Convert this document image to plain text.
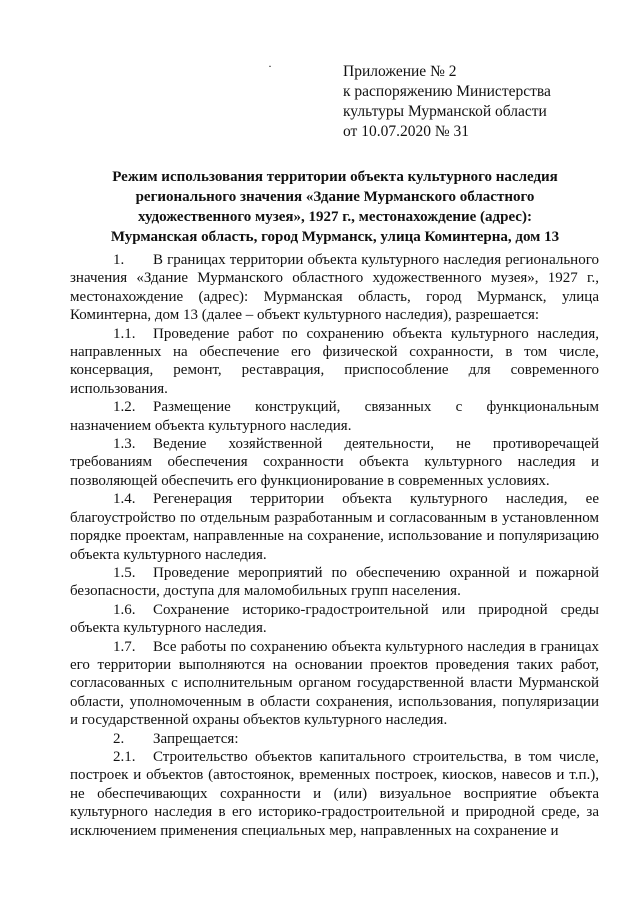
·	Приложение № 2
к распоряжению Министерства
культуры Мурманской области
от 10.07.2020 № 31
Режим использования территории объекта культурного наследия
регионального значения «Здание Мурманского областного
художественного музея», 1927 г., местонахождение (адрес):
Мурманская область, город Мурманск, улица Коминтерна, дом 13

1. В границах территории объекта культурного наследия регионального значения «Здание Мурманского областного художественного музея», 1927 г., местонахождение (адрес): Мурманская область, город Мурманск, улица Коминтерна, дом 13 (далее – объект культурного наследия), разрешается:

1.1. Проведение работ по сохранению объекта культурного наследия, направленных на обеспечение его физической сохранности, в том числе, консервация, ремонт, реставрация, приспособление для современного использования.

1.2. Размещение конструкций, связанных с функциональным назначением объекта культурного наследия.

1.3. Ведение хозяйственной деятельности, не противоречащей требованиям обеспечения сохранности объекта культурного наследия и позволяющей обеспечить его функционирование в современных условиях.

1.4. Регенерация территории объекта культурного наследия, ее благоустройство по отдельным разработанным и согласованным в установленном порядке проектам, направленные на сохранение, использование и популяризацию объекта культурного наследия.

1.5. Проведение мероприятий по обеспечению охранной и пожарной безопасности, доступа для маломобильных групп населения.

1.6. Сохранение историко-градостроительной или природной среды объекта культурного наследия.

1.7. Все работы по сохранению объекта культурного наследия в границах его территории выполняются на основании проектов проведения таких работ, согласованных с исполнительным органом государственной власти Мурманской области, уполномоченным в области сохранения, использования, популяризации и государственной охраны объектов культурного наследия.

2. Запрещается:

2.1. Строительство объектов капитального строительства, в том числе, построек и объектов (автостоянок, временных построек, киосков, навесов и т.п.), не обеспечивающих сохранности и (или) визуальное восприятие объекта культурного наследия в его историко-градостроительной и природной среде, за исключением применения специальных мер, направленных на сохранение и
